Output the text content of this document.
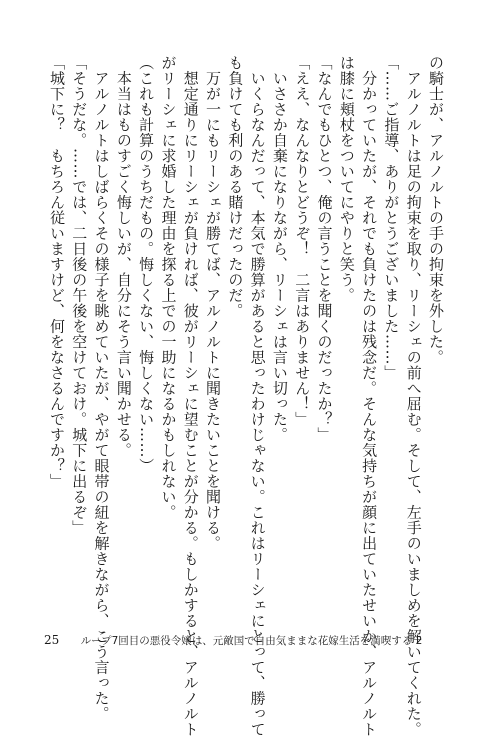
の騎士が、アルノルトの手の拘束を外した。
　アルノルトは足の拘束を取り、リーシェの前へ屈む。そして、左手のいましめを解いてくれた。
「……ご指導、ありがとうございました……」
　分かっていたが、それでも負けたのは残念だ。そんな気持ちが顔に出ていたせいか、アルノルト
は膝に頬杖をついてにやりと笑う。
「なんでもひとつ、俺の言うことを聞くのだったか？」
「ええ、なんなりとどうぞ！　二言はありません！」
　いささか自棄になりながら、リーシェは言い切った。
　いくらなんだって、本気で勝算があると思ったわけじゃない。これはリーシェにとって、勝って
も負けても利のある賭けだったのだ。
　万が一にもリーシェが勝てば、アルノルトに聞きたいことを聞ける。
　想定通りにリーシェが負ければ、彼がリーシェに望むことが分かる。もしかすると、アルノルト
がリーシェに求婚した理由を探る上での一助になるかもしれない。
（これも計算のうちだもの。悔しくない、悔しくない……）
　本当はものすごく悔しいが、自分にそう言い聞かせる。
　アルノルトはしばらくその様子を眺めていたが、やがて眼帯の紐を解きながら、こう言った。
「そうだな。……では、二日後の午後を空けておけ。城下に出るぞ」
「城下に？　もちろん従いますけど、何をなさるんですか？」
25 ループ7回目の悪役令嬢は、元敵国で自由気ままな花嫁生活を満喫する 2
